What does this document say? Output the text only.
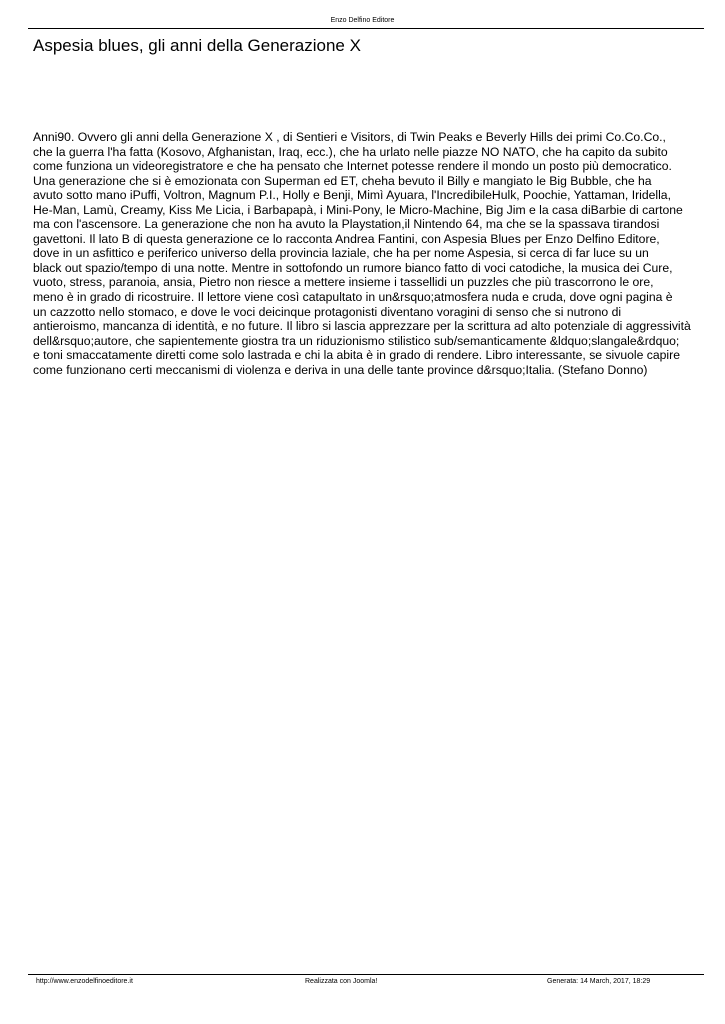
Enzo Delfino Editore
Aspesia blues, gli anni della Generazione X
Anni90. Ovvero gli anni della Generazione X , di Sentieri e Visitors, di Twin Peaks e Beverly Hills dei primi Co.Co.Co.,
che la guerra l'ha fatta (Kosovo, Afghanistan, Iraq, ecc.), che ha urlato nelle piazze NO NATO, che ha capito da subito
come funziona un videoregistratore e che ha pensato che Internet potesse rendere il mondo un posto più democratico.
Una generazione che si è emozionata con Superman ed ET, cheha bevuto il Billy e mangiato le Big Bubble, che ha
avuto sotto mano iPuffi, Voltron, Magnum P.I., Holly e Benji, Mimì Ayuara, l'IncredibileHulk, Poochie, Yattaman, Iridella,
He-Man, Lamù, Creamy, Kiss Me Licia, i Barbapapà, i Mini-Pony, le Micro-Machine, Big Jim e la casa diBarbie di cartone
ma con l'ascensore. La generazione che non ha avuto la Playstation,il Nintendo 64, ma che se la spassava tirandosi
gavettoni. Il lato B di questa generazione ce lo racconta Andrea Fantini, con Aspesia Blues per Enzo Delfino Editore,
dove in un asfittico e periferico universo della provincia laziale, che ha per nome Aspesia, si cerca di far luce su un
black out spazio/tempo di una notte. Mentre in sottofondo un rumore bianco fatto di voci catodiche, la musica dei Cure,
vuoto, stress, paranoia, ansia, Pietro non riesce a mettere insieme i tassellidi un puzzles che più trascorrono le ore,
meno è in grado di ricostruire. Il lettore viene così catapultato in un&rsquo;atmosfera nuda e cruda, dove ogni pagina è
un cazzotto nello stomaco, e dove le voci deicinque protagonisti diventano voragini di senso che si nutrono di
antieroismo, mancanza di identità, e no future. Il libro si lascia apprezzare per la scrittura ad alto potenziale di aggressività
dell&rsquo;autore, che sapientemente giostra tra un riduzionismo stilistico sub/semanticamente &ldquo;slangale&rdquo;
e toni smaccatamente diretti come solo lastrada e chi la abita è in grado di rendere. Libro interessante, se sivuole capire
come funzionano certi meccanismi di violenza e deriva in una delle tante province d&rsquo;Italia. (Stefano Donno)
http://www.enzodelfinoeditore.it	Realizzata con Joomla!	Generata: 14 March, 2017, 18:29
